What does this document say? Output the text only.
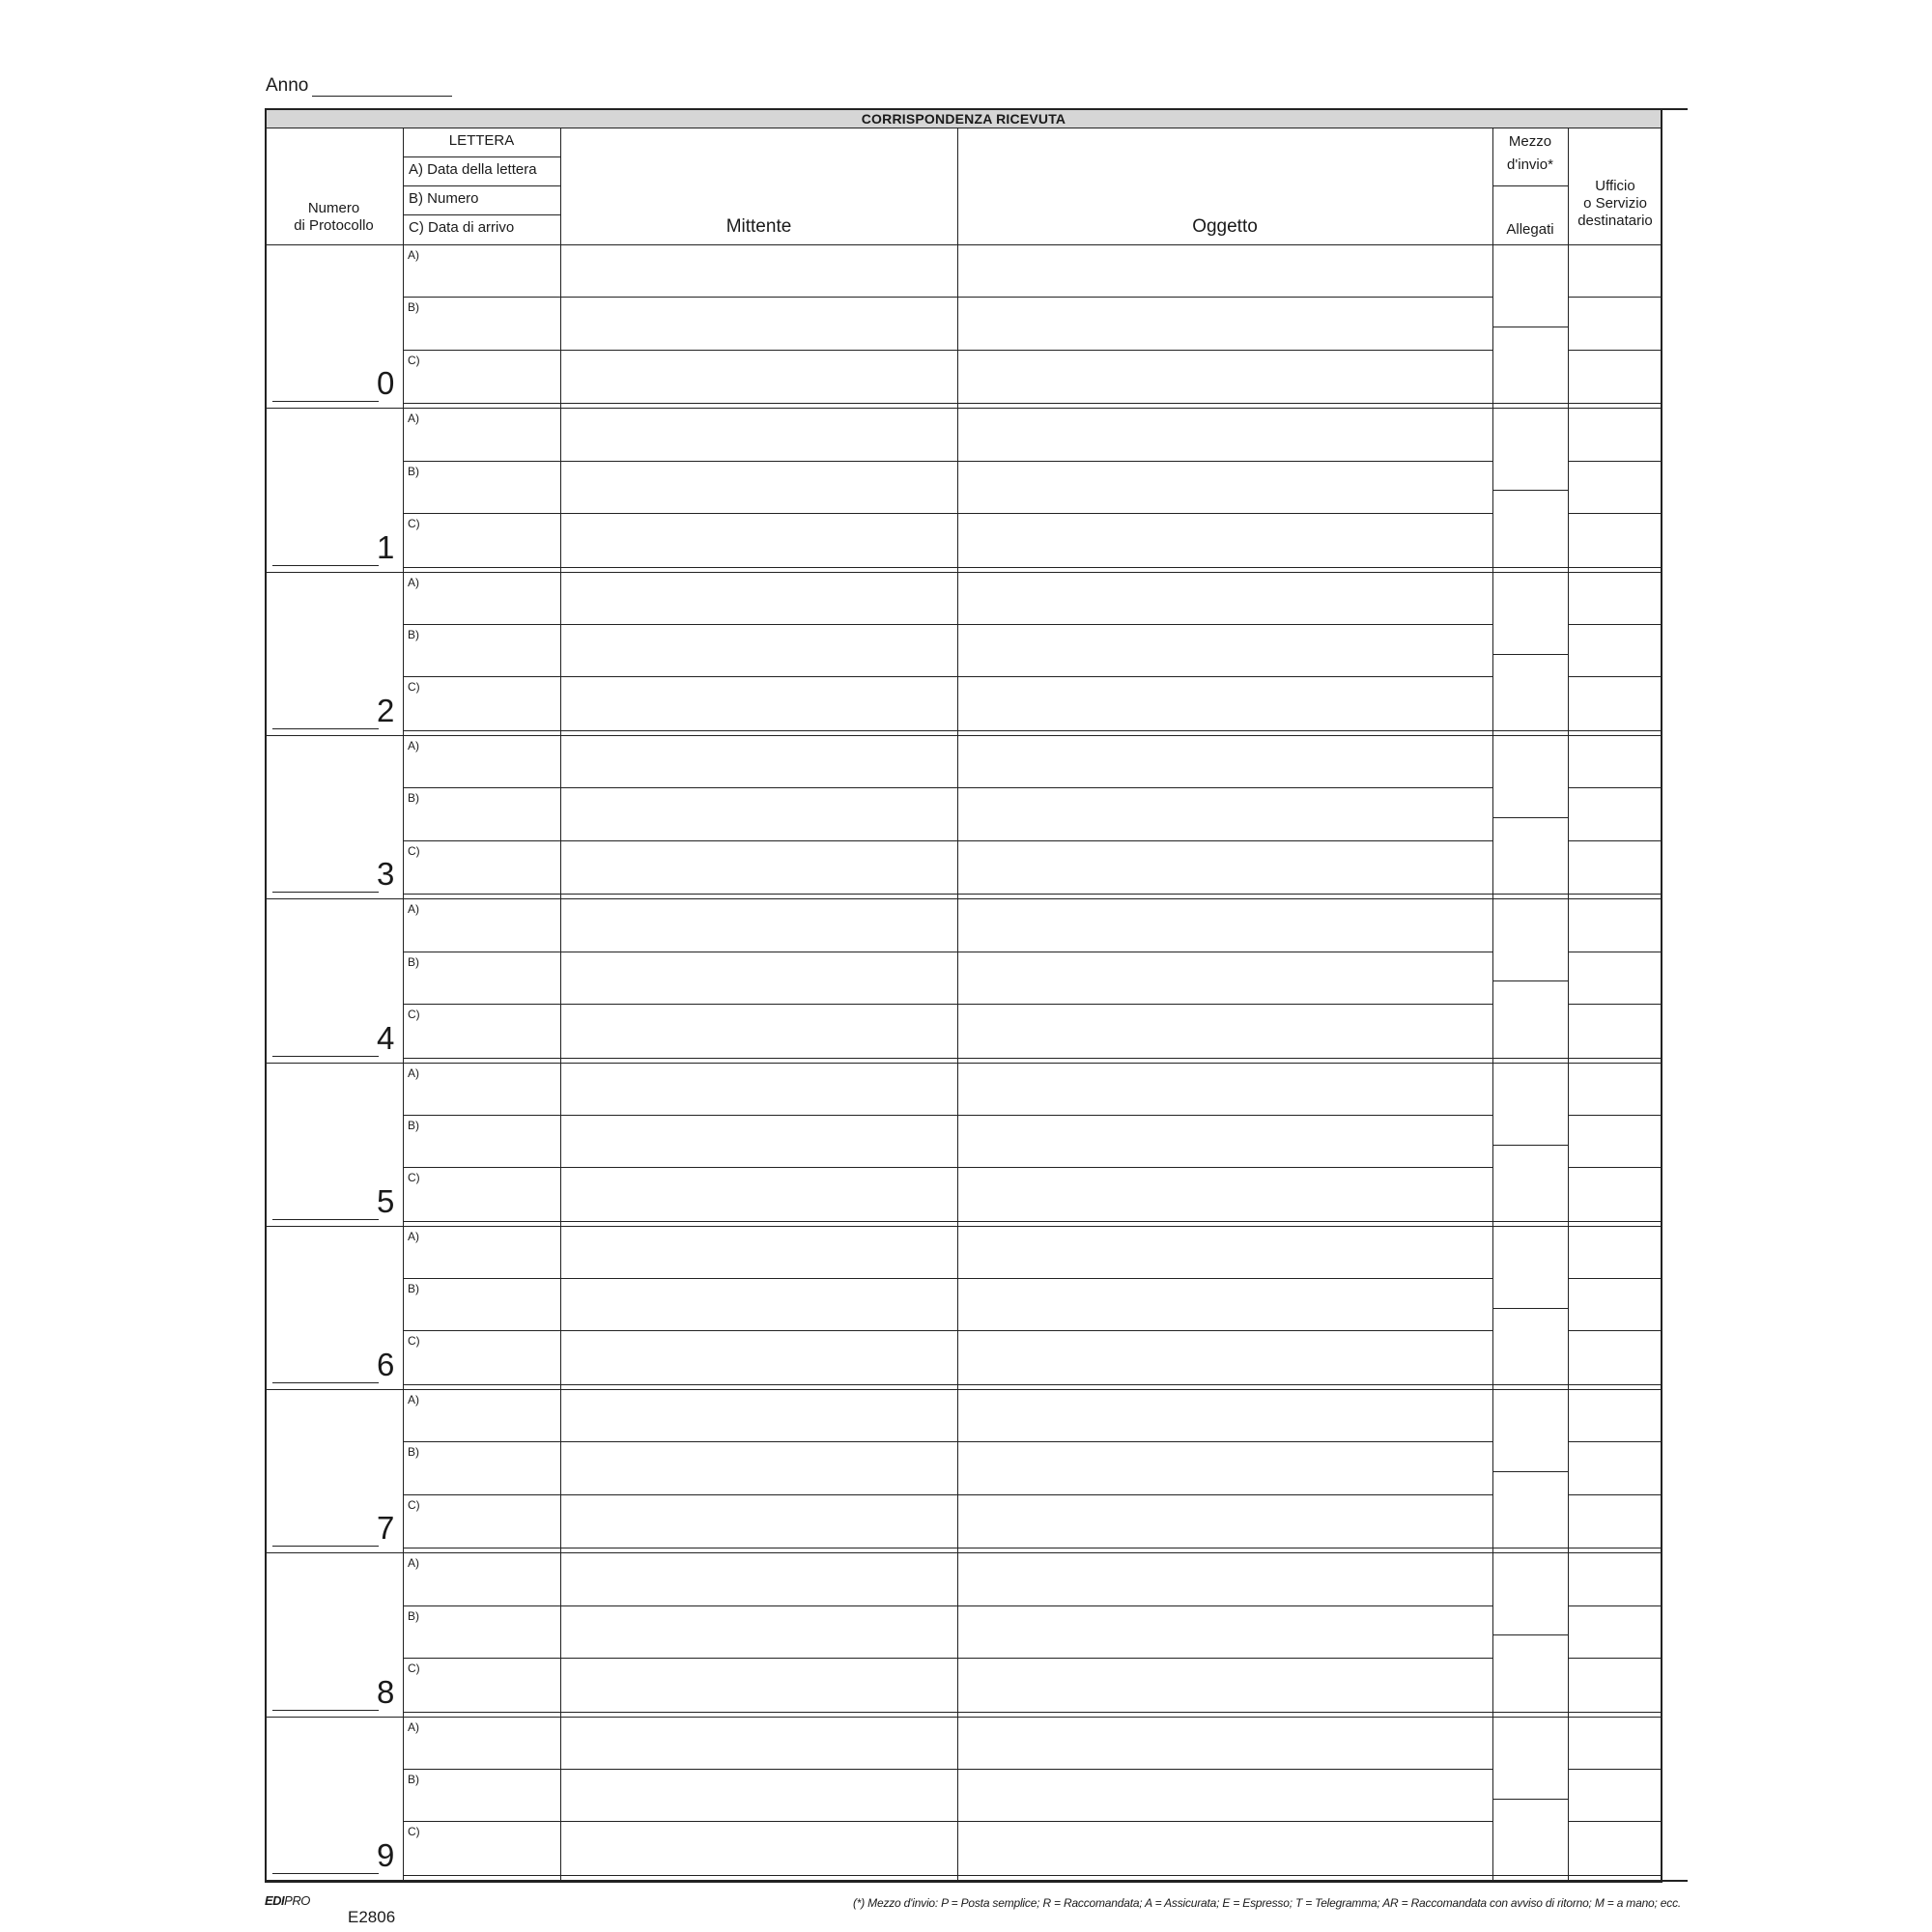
Anno
CORRISPONDENZA RICEVUTA
Numero
di Protocollo
LETTERA
A) Data della lettera
B) Numero
C) Data di arrivo	Mittente	Oggetto
Mezzo
d'invio*
Allegati
Ufficio
o Servizio
destinatario
A)
B)
C)
0
A)
B)
C)
1
A)
B)
C)
2
A)
B)
C)
3
A)
B)
C)
4
A)
B)
C)
5
A)
B)
C)
6
A)
B)
C)
7
A)
B)
C)
8
A)
B)
C)
9
EDIPRO
E2806
(*) Mezzo d'invio: P = Posta semplice; R = Raccomandata; A = Assicurata; E = Espresso; T = Telegramma; AR = Raccomandata con avviso di ritorno; M = a mano; ecc.
